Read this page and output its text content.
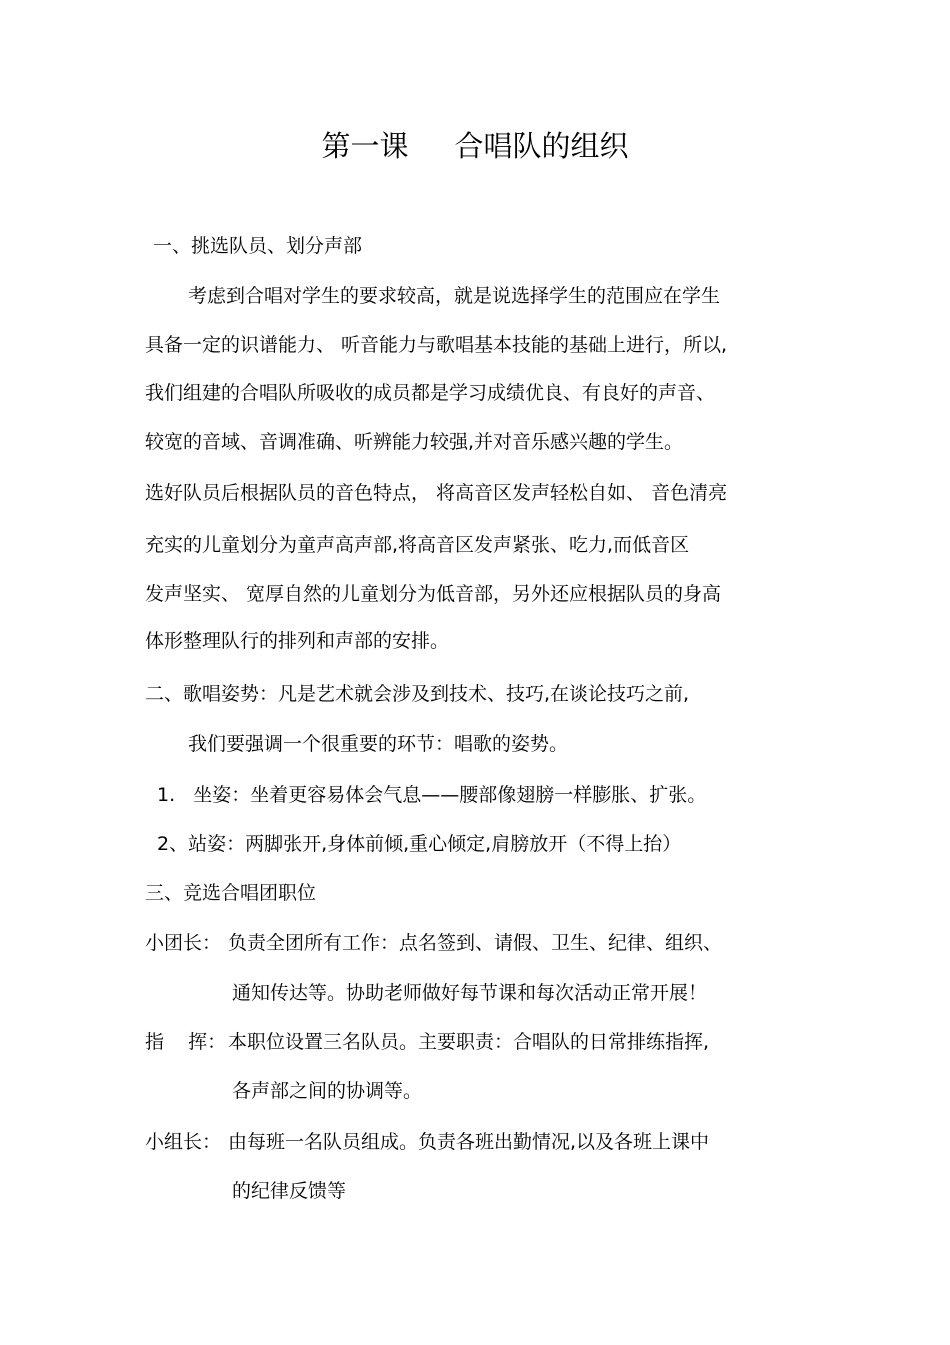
第一课     合唱队的组织
一、挑选队员、划分声部
考虑到合唱对学生的要求较高，就是说选择学生的范围应在学生
具备一定的识谱能力、 听音能力与歌唱基本技能的基础上进行，所以,
我们组建的合唱队所吸收的成员都是学习成绩优良、有良好的声音、
较宽的音域、音调准确、听辨能力较强,并对音乐感兴趣的学生。
选好队员后根据队员的音色特点， 将高音区发声轻松自如、 音色清亮
充实的儿童划分为童声高声部,将高音区发声紧张、吃力,而低音区
发声坚实、 宽厚自然的儿童划分为低音部，另外还应根据队员的身高
体形整理队行的排列和声部的安排。
二、歌唱姿势：凡是艺术就会涉及到技术、技巧,在谈论技巧之前,
我们要强调一个很重要的环节：唱歌的姿势。
1.   坐姿：坐着更容易体会气息——腰部像翅膀一样膨胀、扩张。
2、站姿：两脚张开,身体前倾,重心倾定,肩膀放开（不得上抬）
三、竞选合唱团职位
小团长： 负责全团所有工作：点名签到、请假、卫生、纪律、组织、
通知传达等。协助老师做好每节课和每次活动正常开展！
指    挥： 本职位设置三名队员。主要职责：合唱队的日常排练指挥,
各声部之间的协调等。
小组长： 由每班一名队员组成。负责各班出勤情况,以及各班上课中
的纪律反馈等
